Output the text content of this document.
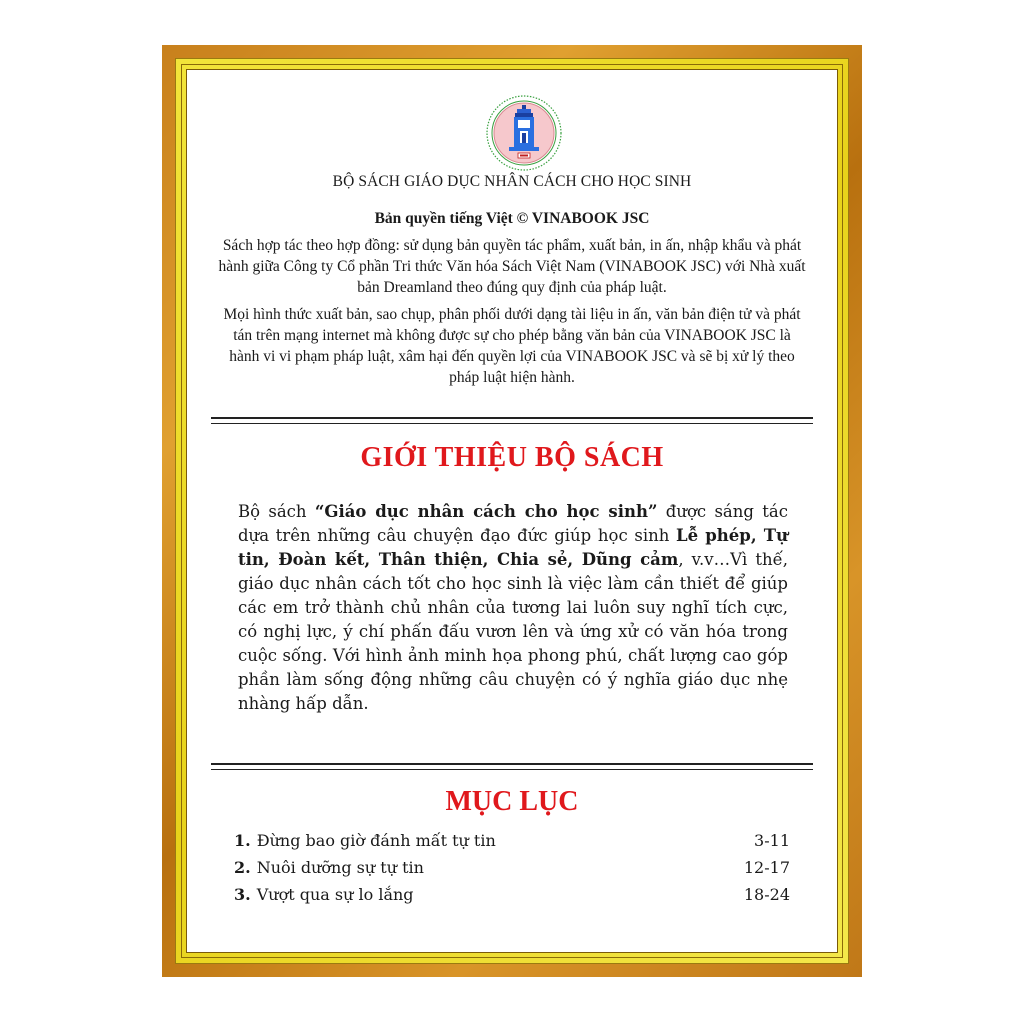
BỘ SÁCH GIÁO DỤC NHÂN CÁCH CHO HỌC SINH
Bản quyền tiếng Việt © VINABOOK JSC
Sách hợp tác theo hợp đồng: sử dụng bản quyền tác phẩm, xuất bản, in ấn, nhập khẩu và phát hành giữa Công ty Cổ phần Tri thức Văn hóa Sách Việt Nam (VINABOOK JSC) với Nhà xuất bản Dreamland theo đúng quy định của pháp luật.
Mọi hình thức xuất bản, sao chụp, phân phối dưới dạng tài liệu in ấn, văn bản điện tử và phát tán trên mạng internet mà không được sự cho phép bằng văn bản của VINABOOK JSC là hành vi vi phạm pháp luật, xâm hại đến quyền lợi của VINABOOK JSC và sẽ bị xử lý theo pháp luật hiện hành.
GIỚI THIỆU BỘ SÁCH
Bộ sách “Giáo dục nhân cách cho học sinh” được sáng tác dựa trên những câu chuyện đạo đức giúp học sinh Lễ phép, Tự tin, Đoàn kết, Thân thiện, Chia sẻ, Dũng cảm, v.v…Vì thế, giáo dục nhân cách tốt cho học sinh là việc làm cần thiết để giúp các em trở thành chủ nhân của tương lai luôn suy nghĩ tích cực, có nghị lực, ý chí phấn đấu vươn lên và ứng xử có văn hóa trong cuộc sống. Với hình ảnh minh họa phong phú, chất lượng cao góp phần làm sống động những câu chuyện có ý nghĩa giáo dục nhẹ nhàng hấp dẫn.
MỤC LỤC
1. Đừng bao giờ đánh mất tự tin	3-11
2. Nuôi dưỡng sự tự tin	12-17
3. Vượt qua sự lo lắng	18-24
